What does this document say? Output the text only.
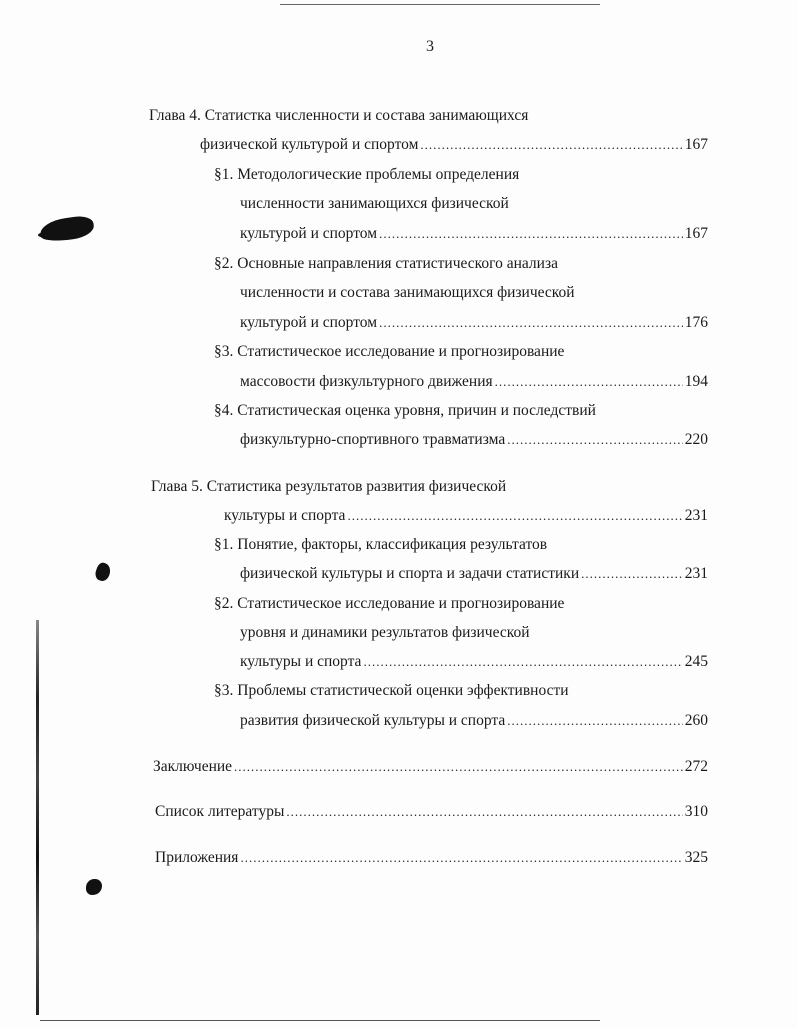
3
Глава 4. Статистка численности и состава занимающихся
физической культурой и спортом .....	167
§1. Методологические проблемы определения
численности занимающихся физической
культурой и спортом .....	167
§2. Основные направления статистического анализа
численности и состава занимающихся физической
культурой и спортом .....	176
§3. Статистическое исследование и прогнозирование
массовости физкультурного движения .....	194
§4. Статистическая оценка уровня, причин и последствий
физкультурно-спортивного травматизма .....	220
Глава 5. Статистика результатов развития физической
культуры и спорта .....	231
§1. Понятие, факторы, классификация результатов
физической культуры и спорта и задачи статистики .....	231
§2. Статистическое исследование и прогнозирование
уровня и динамики результатов физической
культуры и спорта .....	245
§3. Проблемы статистической оценки эффективности
развития физической культуры и спорта .....	260
Заключение .....	272
Список литературы .....	310
Приложения .....	325
